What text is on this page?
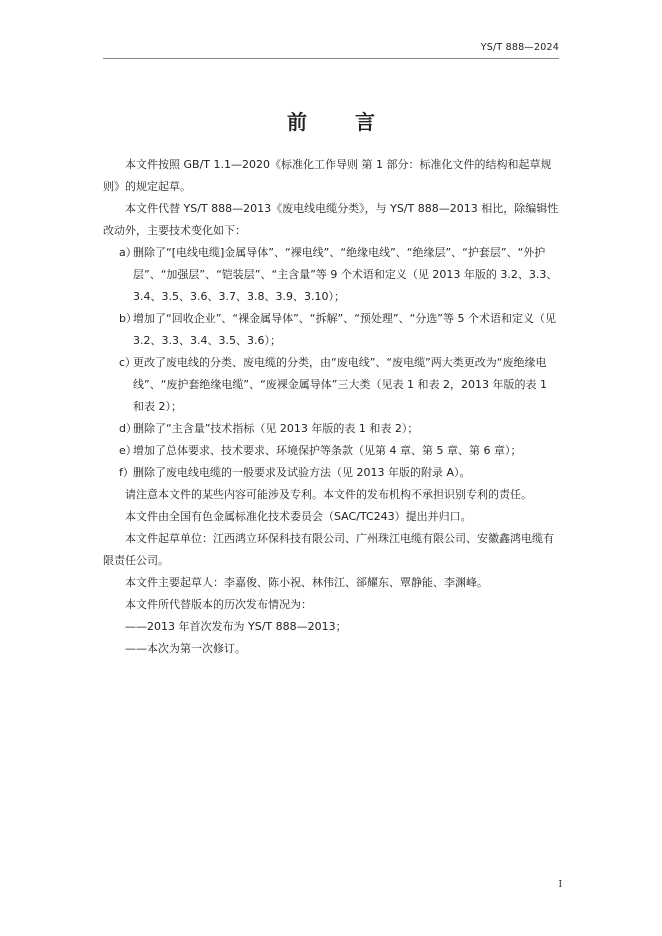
YS/T 888—2024
前 言

本文件按照 GB/T 1.1—2020《标准化工作导则 第 1 部分：标准化文件的结构和起草规则》的规定起草。

本文件代替 YS/T 888—2013《废电线电缆分类》，与 YS/T 888—2013 相比，除编辑性改动外，主要技术变化如下：

a）
删除了“[电线电缆]金属导体”、“裸电线”、“绝缘电线”、“绝缘层”、“护套层”、“外护层”、“加强层”、“铠装层”、“主含量”等 9 个术语和定义（见 2013 年版的 3.2、3.3、3.4、3.5、3.6、3.7、3.8、3.9、3.10）；
b）
增加了“回收企业”、“裸金属导体”、“拆解”、“预处理”、“分选”等 5 个术语和定义（见 3.2、3.3、3.4、3.5、3.6）；
c）
更改了废电线的分类、废电缆的分类，由“废电线”、“废电缆”两大类更改为“废绝缘电线”、“废护套绝缘电缆”、“废裸金属导体”三大类（见表 1 和表 2，2013 年版的表 1 和表 2）；
d）
删除了“主含量”技术指标（见 2013 年版的表 1 和表 2）；
e）
增加了总体要求、技术要求、环境保护等条款（见第 4 章、第 5 章、第 6 章）；
f） 删除了废电线电缆的一般要求及试验方法（见 2013 年版的附录 A）。

请注意本文件的某些内容可能涉及专利。本文件的发布机构不承担识别专利的责任。

本文件由全国有色金属标准化技术委员会（SAC/TC243）提出并归口。

本文件起草单位：江西鸿立环保科技有限公司、广州珠江电缆有限公司、安徽鑫鸿电缆有限责任公司。

本文件主要起草人：李嘉俊、陈小祝、林伟江、郤耀东、覃静能、李渊峰。

本文件所代替版本的历次发布情况为：

——2013 年首次发布为 YS/T 888—2013；

——本次为第一次修订。

I
